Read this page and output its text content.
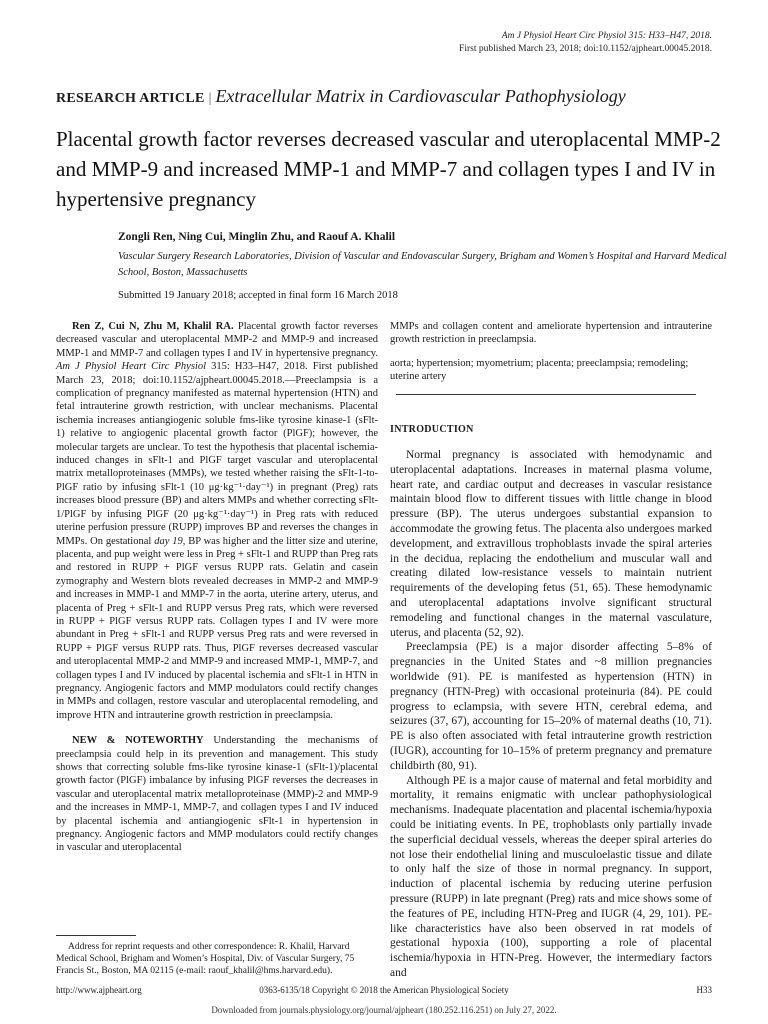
Am J Physiol Heart Circ Physiol 315: H33–H47, 2018.
First published March 23, 2018; doi:10.1152/ajpheart.00045.2018.
RESEARCH ARTICLE | Extracellular Matrix in Cardiovascular Pathophysiology
Placental growth factor reverses decreased vascular and uteroplacental MMP-2 and MMP-9 and increased MMP-1 and MMP-7 and collagen types I and IV in hypertensive pregnancy
Zongli Ren, Ning Cui, Minglin Zhu, and Raouf A. Khalil
Vascular Surgery Research Laboratories, Division of Vascular and Endovascular Surgery, Brigham and Women’s Hospital and Harvard Medical School, Boston, Massachusetts
Submitted 19 January 2018; accepted in final form 16 March 2018

Ren Z, Cui N, Zhu M, Khalil RA. Placental growth factor reverses decreased vascular and uteroplacental MMP-2 and MMP-9 and increased MMP-1 and MMP-7 and collagen types I and IV in hypertensive pregnancy. Am J Physiol Heart Circ Physiol 315: H33–H47, 2018. First published March 23, 2018; doi:10.1152/ajpheart.00045.2018.—Preeclampsia is a complication of pregnancy manifested as maternal hypertension (HTN) and fetal intrauterine growth restriction, with unclear mechanisms. Placental ischemia increases antiangiogenic soluble fms-like tyrosine kinase-1 (sFlt-1) relative to angiogenic placental growth factor (PlGF); however, the molecular targets are unclear. To test the hypothesis that placental ischemia-induced changes in sFlt-1 and PlGF target vascular and uteroplacental matrix metalloproteinases (MMPs), we tested whether raising the sFlt-1-to-PlGF ratio by infusing sFlt-1 (10 μg·kg⁻¹·day⁻¹) in pregnant (Preg) rats increases blood pressure (BP) and alters MMPs and whether correcting sFlt-1/PlGF by infusing PlGF (20 μg·kg⁻¹·day⁻¹) in Preg rats with reduced uterine perfusion pressure (RUPP) improves BP and reverses the changes in MMPs. On gestational day 19, BP was higher and the litter size and uterine, placenta, and pup weight were less in Preg + sFlt-1 and RUPP than Preg rats and restored in RUPP + PlGF versus RUPP rats. Gelatin and casein zymography and Western blots revealed decreases in MMP-2 and MMP-9 and increases in MMP-1 and MMP-7 in the aorta, uterine artery, uterus, and placenta of Preg + sFlt-1 and RUPP versus Preg rats, which were reversed in RUPP + PlGF versus RUPP rats. Collagen types I and IV were more abundant in Preg + sFlt-1 and RUPP versus Preg rats and were reversed in RUPP + PlGF versus RUPP rats. Thus, PlGF reverses decreased vascular and uteroplacental MMP-2 and MMP-9 and increased MMP-1, MMP-7, and collagen types I and IV induced by placental ischemia and sFlt-1 in HTN in pregnancy. Angiogenic factors and MMP modulators could rectify changes in MMPs and collagen, restore vascular and uteroplacental remodeling, and improve HTN and intrauterine growth restriction in preeclampsia.

NEW & NOTEWORTHY Understanding the mechanisms of preeclampsia could help in its prevention and management. This study shows that correcting soluble fms-like tyrosine kinase-1 (sFlt-1)/placental growth factor (PlGF) imbalance by infusing PlGF reverses the decreases in vascular and uteroplacental matrix metalloproteinase (MMP)-2 and MMP-9 and the increases in MMP-1, MMP-7, and collagen types I and IV induced by placental ischemia and antiangiogenic sFlt-1 in hypertension in pregnancy. Angiogenic factors and MMP modulators could rectify changes in vascular and uteroplacental

MMPs and collagen content and ameliorate hypertension and intrauterine growth restriction in preeclampsia.

aorta; hypertension; myometrium; placenta; preeclampsia; remodeling; uterine artery

INTRODUCTION

Normal pregnancy is associated with hemodynamic and uteroplacental adaptations. Increases in maternal plasma volume, heart rate, and cardiac output and decreases in vascular resistance maintain blood flow to different tissues with little change in blood pressure (BP). The uterus undergoes substantial expansion to accommodate the growing fetus. The placenta also undergoes marked development, and extravillous trophoblasts invade the spiral arteries in the decidua, replacing the endothelium and muscular wall and creating dilated low-resistance vessels to maintain nutrient requirements of the developing fetus (51, 65). These hemodynamic and uteroplacental adaptations involve significant structural remodeling and functional changes in the maternal vasculature, uterus, and placenta (52, 92).

Preeclampsia (PE) is a major disorder affecting 5–8% of pregnancies in the United States and ~8 million pregnancies worldwide (91). PE is manifested as hypertension (HTN) in pregnancy (HTN-Preg) with occasional proteinuria (84). PE could progress to eclampsia, with severe HTN, cerebral edema, and seizures (37, 67), accounting for 15–20% of maternal deaths (10, 71). PE is also often associated with fetal intrauterine growth restriction (IUGR), accounting for 10–15% of preterm pregnancy and premature childbirth (80, 91).

Although PE is a major cause of maternal and fetal morbidity and mortality, it remains enigmatic with unclear pathophysiological mechanisms. Inadequate placentation and placental ischemia/hypoxia could be initiating events. In PE, trophoblasts only partially invade the superficial decidual vessels, whereas the deeper spiral arteries do not lose their endothelial lining and musculoelastic tissue and dilate to only half the size of those in normal pregnancy. In support, induction of placental ischemia by reducing uterine perfusion pressure (RUPP) in late pregnant (Preg) rats and mice shows some of the features of PE, including HTN-Preg and IUGR (4, 29, 101). PE-like characteristics have also been observed in rat models of gestational hypoxia (100), supporting a role of placental ischemia/hypoxia in HTN-Preg. However, the intermediary factors and

Address for reprint requests and other correspondence: R. Khalil, Harvard Medical School, Brigham and Women’s Hospital, Div. of Vascular Surgery, 75 Francis St., Boston, MA 02115 (e-mail: raouf_khalil@hms.harvard.edu).

http://www.ajpheart.org	0363-6135/18 Copyright © 2018 the American Physiological Society	H33
Downloaded from journals.physiology.org/journal/ajpheart (180.252.116.251) on July 27, 2022.
